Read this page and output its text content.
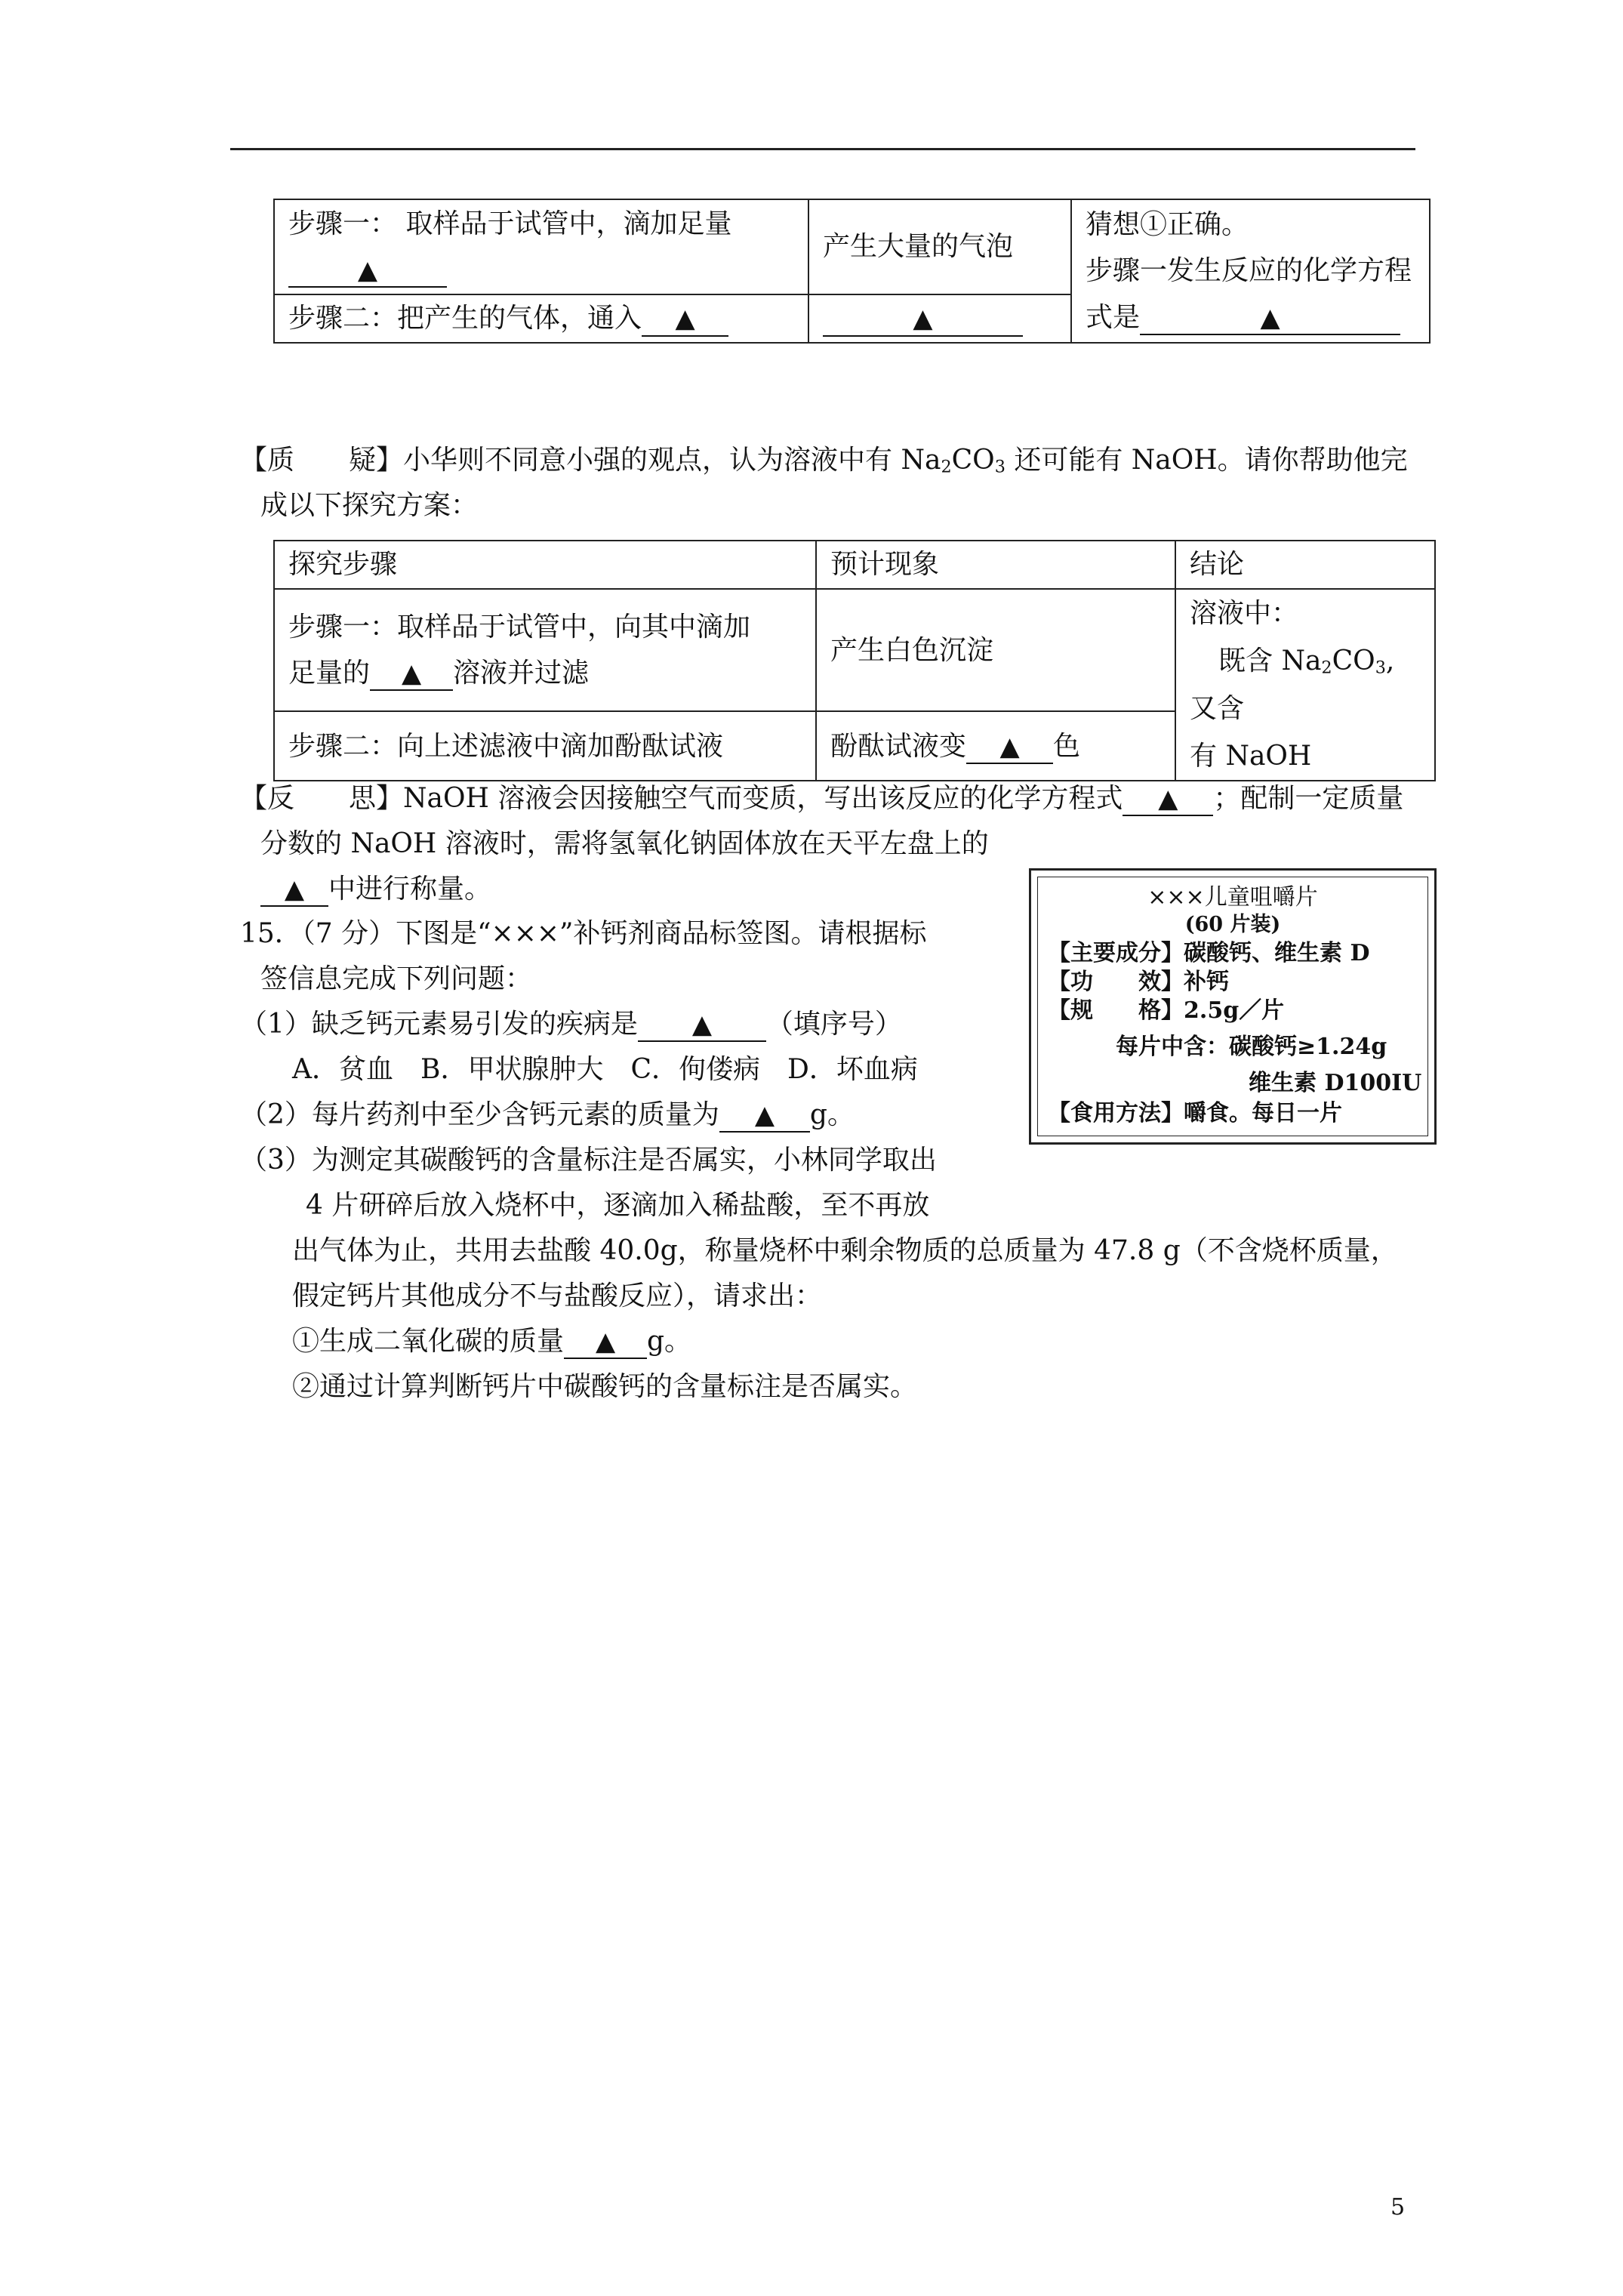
步骤一： 取样品于试管中，滴加足量
▲	产生大量的气泡	猜想①正确。
步骤一发生反应的化学方程
式是 ▲
步骤二：把产生的气体，通入 ▲	▲	
【质　　疑】小华则不同意小强的观点，认为溶液中有 $Na_2CO_3$ 还可能有 NaOH。请你帮助他完
成以下探究方案：
探究步骤	预计现象	结论
步骤一：取样品于试管中，向其中滴加
足量的 ▲ 溶液并过滤	产生白色沉淀	溶液中：
既含 $Na_2CO_3$,又含
有 NaOH
步骤二：向上述滤液中滴加酚酞试液	酚酞试液变 ▲ 色	
【反　　思】NaOH 溶液会因接触空气而变质，写出该反应的化学方程式 ▲ ；配制一定质量
分数的 NaOH 溶液时，需将氢氧化钠固体放在天平左盘上的
▲ 中进行称量。
15．（7 分）下图是“×××”补钙剂商品标签图。请根据标
签信息完成下列问题：
（1）缺乏钙元素易引发的疾病是 ▲ （填序号）
A．贫血　B．甲状腺肿大　C．佝偻病　D．坏血病
（2）每片药剂中至少含钙元素的质量为 ▲ g。
（3）为测定其碳酸钙的含量标注是否属实，小林同学取出
4 片研碎后放入烧杯中，逐滴加入稀盐酸，至不再放
出气体为止，共用去盐酸 40.0g，称量烧杯中剩余物质的总质量为 47.8 g（不含烧杯质量，
假定钙片其他成分不与盐酸反应），请求出：
①生成二氧化碳的质量 ▲ g。
②通过计算判断钙片中碳酸钙的含量标注是否属实。
×××儿童咀嚼片
(60 片装)
【主要成分】碳酸钙、维生素 D
【功　　效】补钙
【规　　格】2.5g／片
每片中含：碳酸钙≥1.24g
维生素 D100IU
【食用方法】嚼食。每日一片
5
